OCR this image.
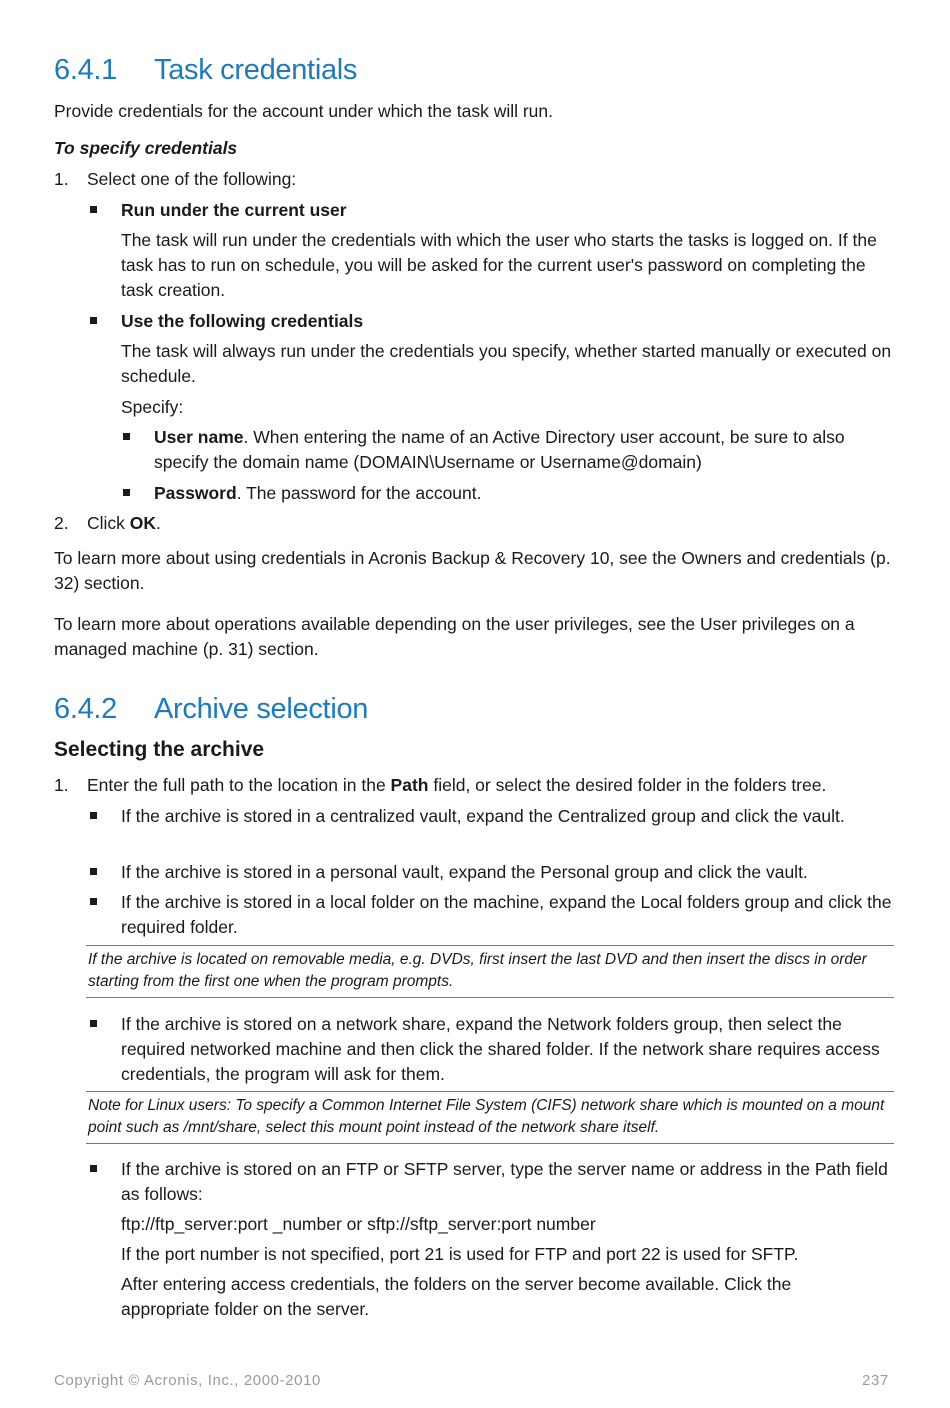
6.4.1 Task credentials
Provide credentials for the account under which the task will run.
To specify credentials
1. Select one of the following:
Run under the current user
The task will run under the credentials with which the user who starts the tasks is logged on. If the task has to run on schedule, you will be asked for the current user's password on completing the task creation.
Use the following credentials
The task will always run under the credentials you specify, whether started manually or executed on schedule.
Specify:
User name. When entering the name of an Active Directory user account, be sure to also specify the domain name (DOMAIN\Username or Username@domain)
Password. The password for the account.
2. Click OK.
To learn more about using credentials in Acronis Backup & Recovery 10, see the Owners and credentials (p. 32) section.
To learn more about operations available depending on the user privileges, see the User privileges on a managed machine (p. 31) section.
6.4.2 Archive selection
Selecting the archive
1. Enter the full path to the location in the Path field, or select the desired folder in the folders tree.
If the archive is stored in a centralized vault, expand the Centralized group and click the vault.
If the archive is stored in a personal vault, expand the Personal group and click the vault.
If the archive is stored in a local folder on the machine, expand the Local folders group and click the required folder.
If the archive is located on removable media, e.g. DVDs, first insert the last DVD and then insert the discs in order starting from the first one when the program prompts.
If the archive is stored on a network share, expand the Network folders group, then select the required networked machine and then click the shared folder. If the network share requires access credentials, the program will ask for them.
Note for Linux users: To specify a Common Internet File System (CIFS) network share which is mounted on a mount point such as /mnt/share, select this mount point instead of the network share itself.
If the archive is stored on an FTP or SFTP server, type the server name or address in the Path field as follows:
ftp://ftp_server:port _number or sftp://sftp_server:port number
If the port number is not specified, port 21 is used for FTP and port 22 is used for SFTP.
After entering access credentials, the folders on the server become available. Click the appropriate folder on the server.
Copyright © Acronis, Inc., 2000-2010	237
